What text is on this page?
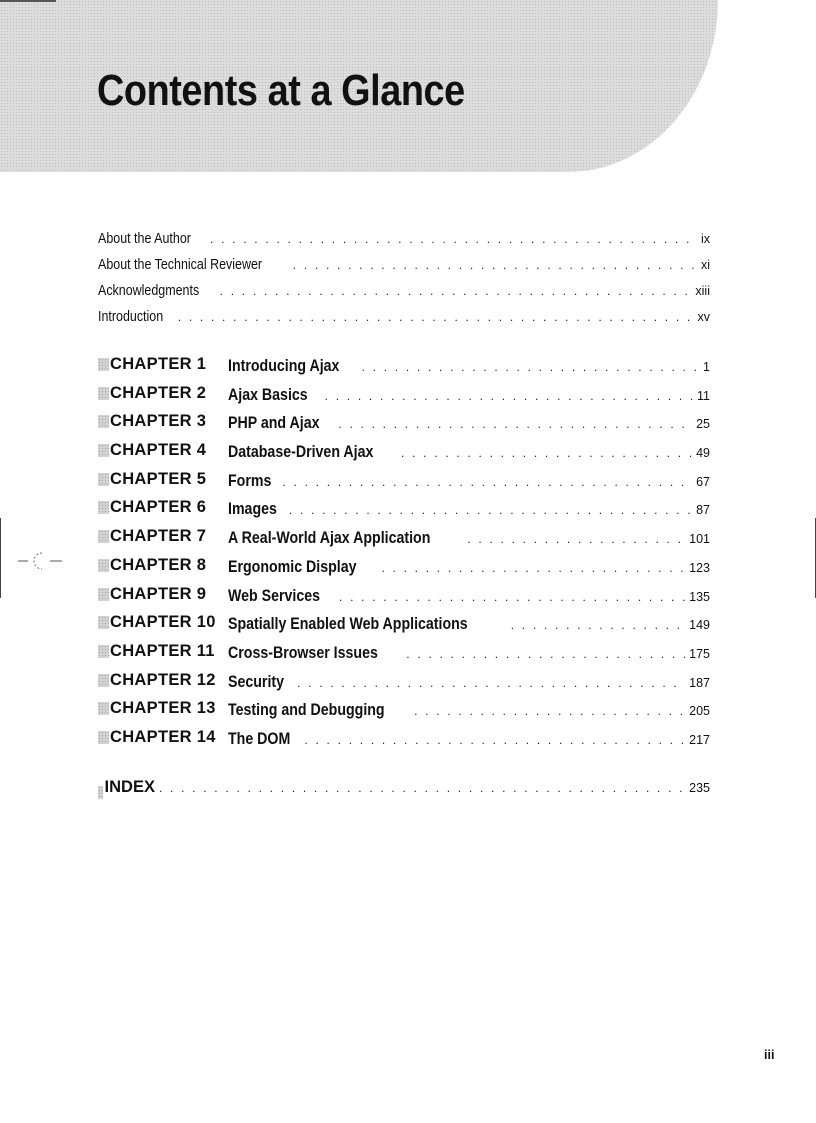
Contents at a Glance
About the Author . . .	ix
About the Technical Reviewer . . .	xi
Acknowledgments . . .	xiii
Introduction . . .	xv
CHAPTER 1 Introducing Ajax . . .	1
CHAPTER 2 Ajax Basics . . .	11
CHAPTER 3 PHP and Ajax . . .	25
CHAPTER 4 Database-Driven Ajax . . .	49
CHAPTER 5 Forms . . .	67
CHAPTER 6 Images . . .	87
CHAPTER 7 A Real-World Ajax Application . . .	101
CHAPTER 8 Ergonomic Display . . .	123
CHAPTER 9 Web Services . . .	135
CHAPTER 10 Spatially Enabled Web Applications . . .	149
CHAPTER 11 Cross-Browser Issues . . .	175
CHAPTER 12 Security . . .	187
CHAPTER 13 Testing and Debugging . . .	205
CHAPTER 14 The DOM . . .	217
INDEX . . .	235
iii
